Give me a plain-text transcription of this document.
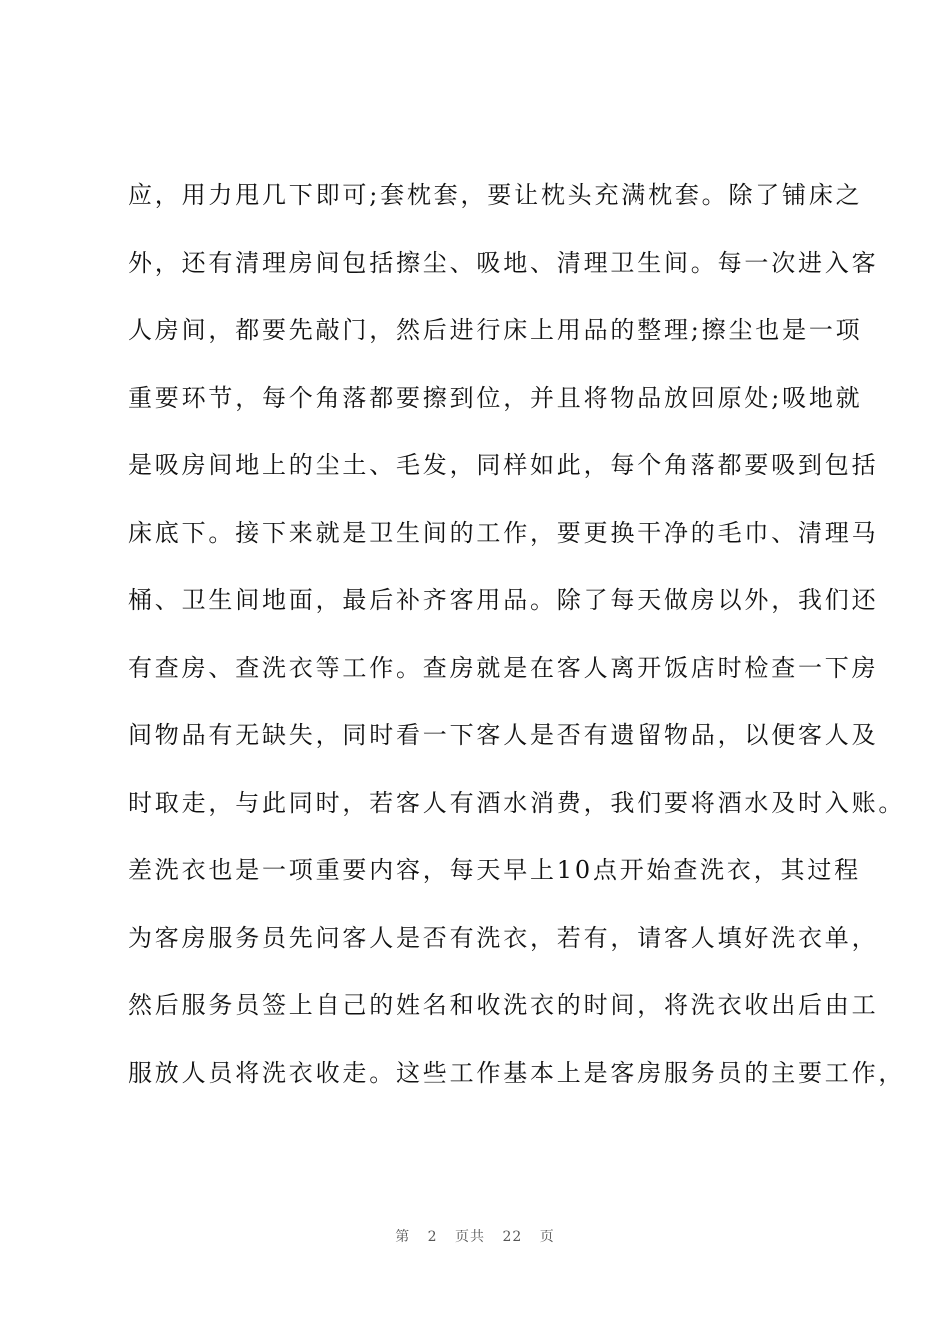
应，用力甩几下即可;套枕套，要让枕头充满枕套。除了铺床之
外，还有清理房间包括擦尘、吸地、清理卫生间。每一次进入客
人房间，都要先敲门，然后进行床上用品的整理;擦尘也是一项
重要环节，每个角落都要擦到位，并且将物品放回原处;吸地就
是吸房间地上的尘土、毛发，同样如此，每个角落都要吸到包括
床底下。接下来就是卫生间的工作，要更换干净的毛巾、清理马
桶、卫生间地面，最后补齐客用品。除了每天做房以外，我们还
有查房、查洗衣等工作。查房就是在客人离开饭店时检查一下房
间物品有无缺失，同时看一下客人是否有遗留物品，以便客人及
时取走，与此同时，若客人有酒水消费，我们要将酒水及时入账。
差洗衣也是一项重要内容，每天早上10点开始查洗衣，其过程
为客房服务员先问客人是否有洗衣，若有，请客人填好洗衣单，
然后服务员签上自己的姓名和收洗衣的时间，将洗衣收出后由工
服放人员将洗衣收走。这些工作基本上是客房服务员的主要工作，
第 2 页共 22 页
